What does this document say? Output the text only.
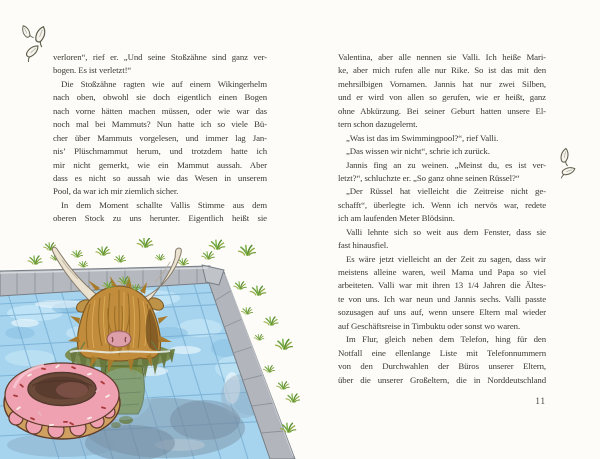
verloren“, rief er. „Und seine Stoßzähne sind ganz ver-
bogen. Es ist verletzt!“
Die Stoßzähne ragten wie auf einem Wikingerhelm
nach oben, obwohl sie doch eigentlich einen Bogen
nach vorne hätten machen müssen, oder wie war das
noch mal bei Mammuts? Nun hatte ich so viele Bü-
cher über Mammuts vorgelesen, und immer lag Jan-
nis’ Plüschmammut herum, und trotzdem hatte ich
mir nicht gemerkt, wie ein Mammut aussah. Aber
dass es nicht so aussah wie das Wesen in unserem
Pool, da war ich mir ziemlich sicher.
In dem Moment schallte Vallis Stimme aus dem
oberen Stock zu uns herunter. Eigentlich heißt sie
Valentina, aber alle nennen sie Valli. Ich heiße Mari-
ke, aber mich rufen alle nur Rike. So ist das mit den
mehrsilbigen Vornamen. Jannis hat nur zwei Silben,
und er wird von allen so gerufen, wie er heißt, ganz
ohne Abkürzung. Bei seiner Geburt hatten unsere El-
tern schon dazugelernt.
„Was ist das im Swimmingpool?“, rief Valli.
„Das wissen wir nicht“, schrie ich zurück.
Jannis fing an zu weinen. „Meinst du, es ist ver-
letzt?“, schluchzte er. „So ganz ohne seinen Rüssel?“
„Der Rüssel hat vielleicht die Zeitreise nicht ge-
schafft“, überlegte ich. Wenn ich nervös war, redete
ich am laufenden Meter Blödsinn.
Valli lehnte sich so weit aus dem Fenster, dass sie
fast hinausfiel.
Es wäre jetzt vielleicht an der Zeit zu sagen, dass wir
meistens alleine waren, weil Mama und Papa so viel
arbeiteten. Valli war mit ihren 13 1/4 Jahren die Ältes-
te von uns. Ich war neun und Jannis sechs. Valli passte
sozusagen auf uns auf, wenn unsere Eltern mal wieder
auf Geschäftsreise in Timbuktu oder sonst wo waren.
Im Flur, gleich neben dem Telefon, hing für den
Notfall eine ellenlange Liste mit Telefonnummern
von den Durchwahlen der Büros unserer Eltern,
über die unserer Großeltern, die in Norddeutschland
11
